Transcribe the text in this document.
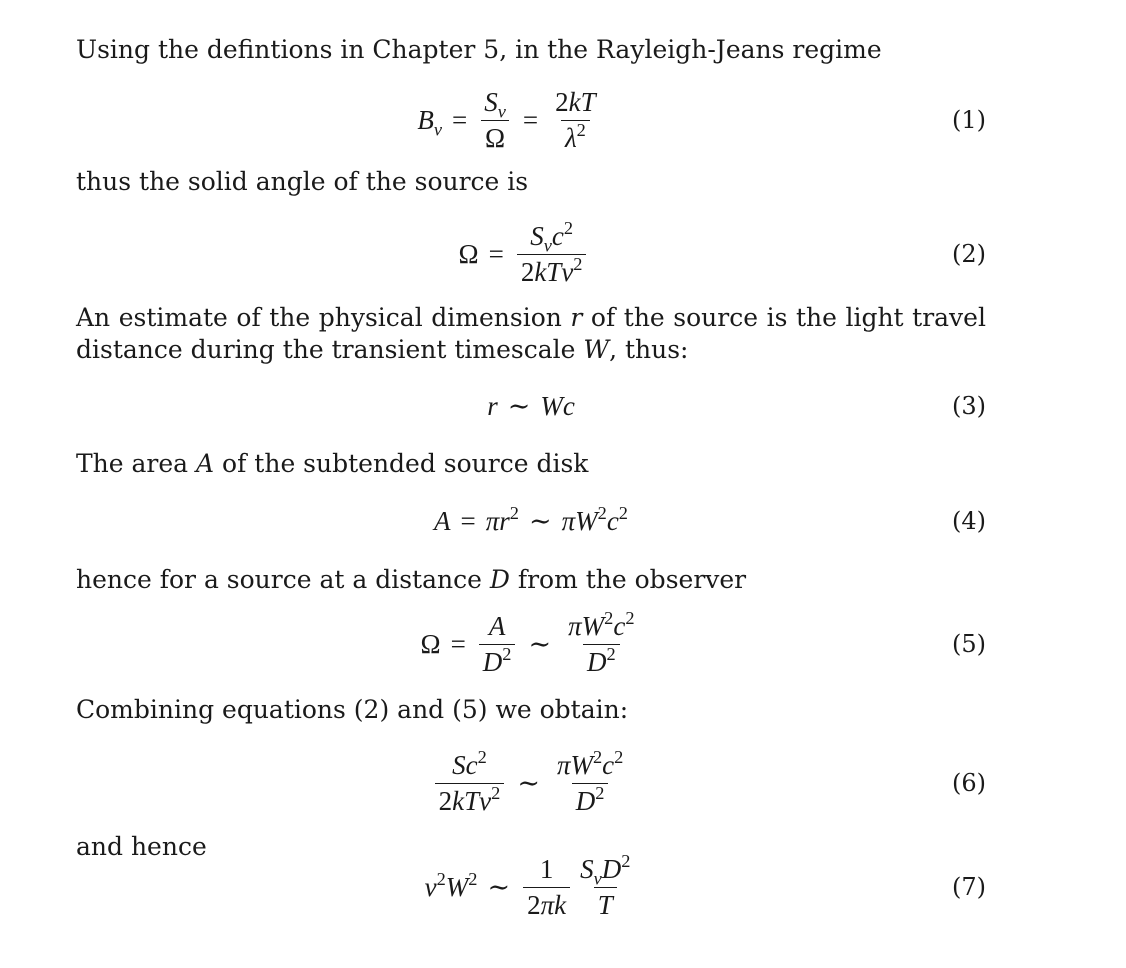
Using the defintions in Chapter 5, in the Rayleigh-Jeans regime

$B_\nu = \frac{S_\nu}{\Omega} = \frac{2kT}{\lambda^2}$	(1)

thus the solid angle of the source is

$\Omega = \frac{S_\nu c^2}{2kT\nu^2}$	(2)

An estimate of the physical dimension r of the source is the light travel distance during the transient timescale W, thus:

r ∼ Wc	(3)

The area A of the subtended source disk

$A = \pi r^2$ ∼ $\pi W^2c^2$	(4)

hence for a source at a distance D from the observer

$\Omega = \frac{A}{D^2}$ ∼ $\frac{\pi W^2c^2}{D^2}$	(5)

Combining equations (2) and (5) we obtain:

$\frac{Sc^2}{2kT\nu^2}$ ∼ $\frac{\pi W^2c^2}{D^2}$	(6)

and hence

$\nu^2W^2$ ∼ $\frac{1}{2\pi k} \frac{S_\nu D^2}{T}$	(7)
